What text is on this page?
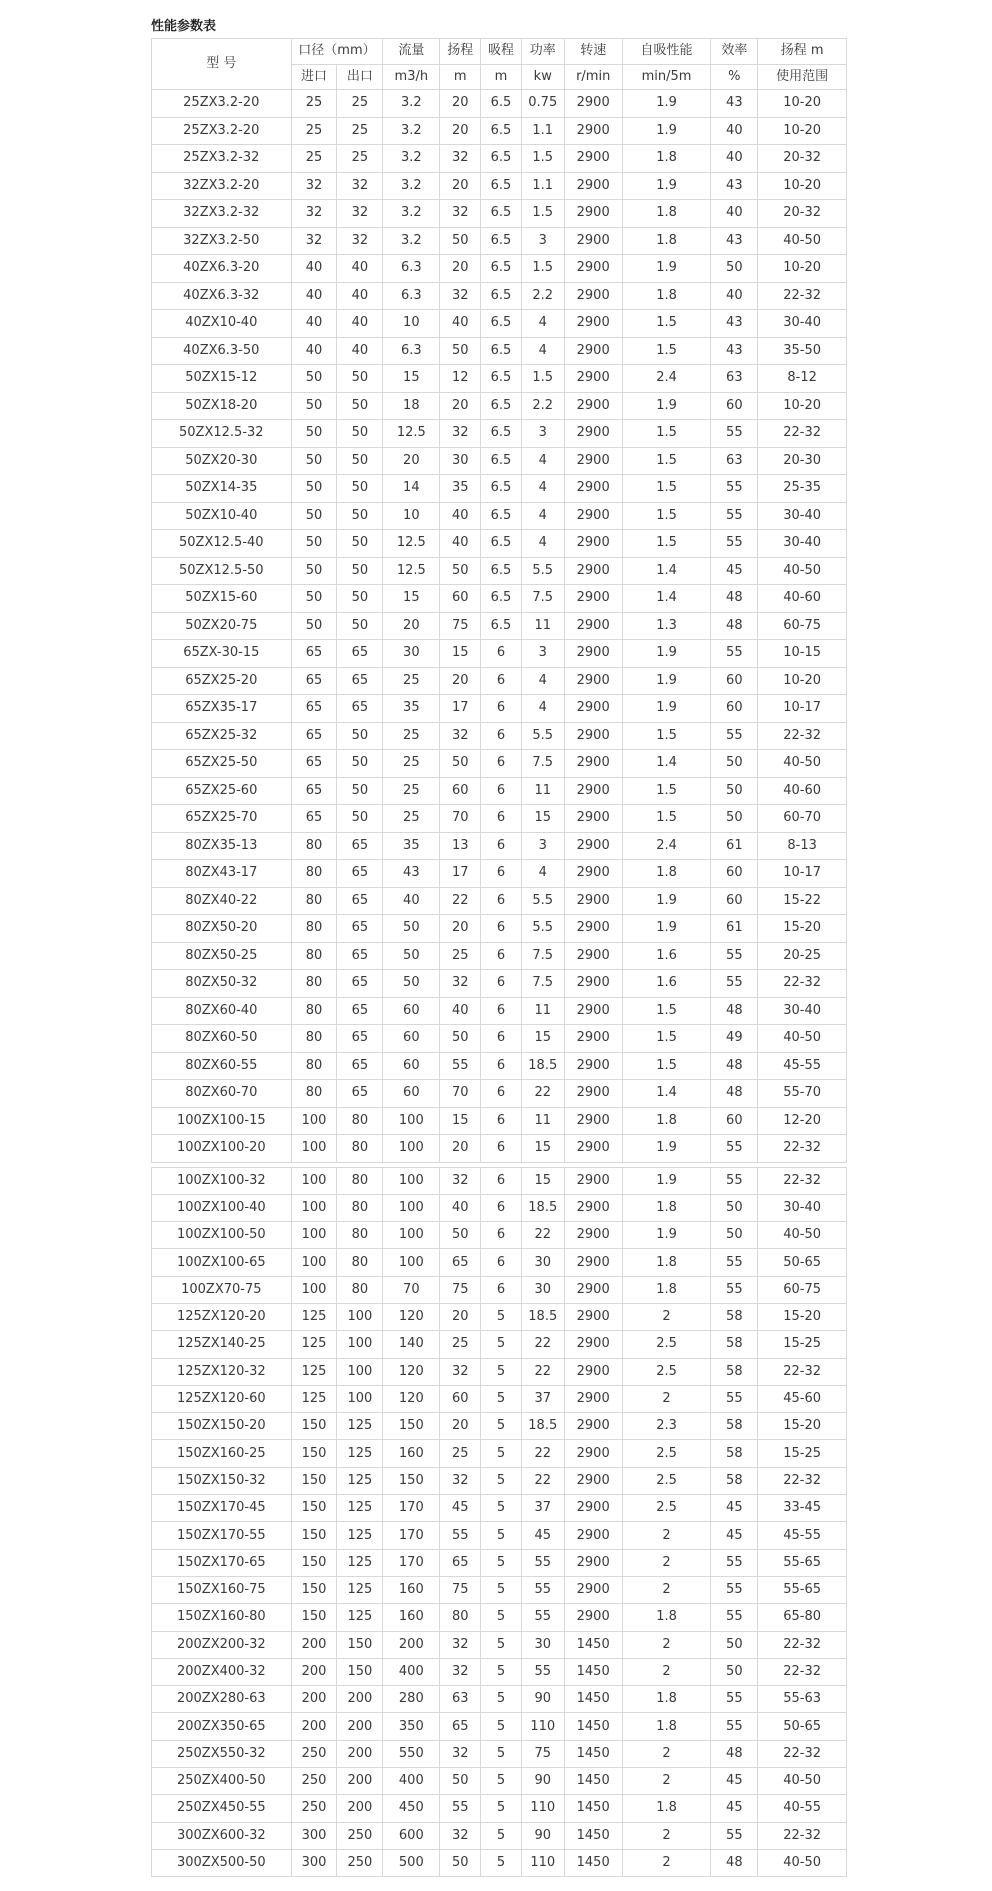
性能参数表
型 号	口径（mm）		流量	扬程	吸程	功率	转速	自吸性能	效率	扬程 m
	进口	出口	m3/h	m	m	kw	r/min	min/5m	%	使用范围
25ZX3.2-20	25	25	3.2	20	6.5	0.75	2900	1.9	43	10-20
25ZX3.2-20	25	25	3.2	20	6.5	1.1	2900	1.9	40	10-20
25ZX3.2-32	25	25	3.2	32	6.5	1.5	2900	1.8	40	20-32
32ZX3.2-20	32	32	3.2	20	6.5	1.1	2900	1.9	43	10-20
32ZX3.2-32	32	32	3.2	32	6.5	1.5	2900	1.8	40	20-32
32ZX3.2-50	32	32	3.2	50	6.5	3	2900	1.8	43	40-50
40ZX6.3-20	40	40	6.3	20	6.5	1.5	2900	1.9	50	10-20
40ZX6.3-32	40	40	6.3	32	6.5	2.2	2900	1.8	40	22-32
40ZX10-40	40	40	10	40	6.5	4	2900	1.5	43	30-40
40ZX6.3-50	40	40	6.3	50	6.5	4	2900	1.5	43	35-50
50ZX15-12	50	50	15	12	6.5	1.5	2900	2.4	63	8-12
50ZX18-20	50	50	18	20	6.5	2.2	2900	1.9	60	10-20
50ZX12.5-32	50	50	12.5	32	6.5	3	2900	1.5	55	22-32
50ZX20-30	50	50	20	30	6.5	4	2900	1.5	63	20-30
50ZX14-35	50	50	14	35	6.5	4	2900	1.5	55	25-35
50ZX10-40	50	50	10	40	6.5	4	2900	1.5	55	30-40
50ZX12.5-40	50	50	12.5	40	6.5	4	2900	1.5	55	30-40
50ZX12.5-50	50	50	12.5	50	6.5	5.5	2900	1.4	45	40-50
50ZX15-60	50	50	15	60	6.5	7.5	2900	1.4	48	40-60
50ZX20-75	50	50	20	75	6.5	11	2900	1.3	48	60-75
65ZX-30-15	65	65	30	15	6	3	2900	1.9	55	10-15
65ZX25-20	65	65	25	20	6	4	2900	1.9	60	10-20
65ZX35-17	65	65	35	17	6	4	2900	1.9	60	10-17
65ZX25-32	65	50	25	32	6	5.5	2900	1.5	55	22-32
65ZX25-50	65	50	25	50	6	7.5	2900	1.4	50	40-50
65ZX25-60	65	50	25	60	6	11	2900	1.5	50	40-60
65ZX25-70	65	50	25	70	6	15	2900	1.5	50	60-70
80ZX35-13	80	65	35	13	6	3	2900	2.4	61	8-13
80ZX43-17	80	65	43	17	6	4	2900	1.8	60	10-17
80ZX40-22	80	65	40	22	6	5.5	2900	1.9	60	15-22
80ZX50-20	80	65	50	20	6	5.5	2900	1.9	61	15-20
80ZX50-25	80	65	50	25	6	7.5	2900	1.6	55	20-25
80ZX50-32	80	65	50	32	6	7.5	2900	1.6	55	22-32
80ZX60-40	80	65	60	40	6	11	2900	1.5	48	30-40
80ZX60-50	80	65	60	50	6	15	2900	1.5	49	40-50
80ZX60-55	80	65	60	55	6	18.5	2900	1.5	48	45-55
80ZX60-70	80	65	60	70	6	22	2900	1.4	48	55-70
100ZX100-15	100	80	100	15	6	11	2900	1.8	60	12-20
100ZX100-20	100	80	100	20	6	15	2900	1.9	55	22-32
100ZX100-32	100	80	100	32	6	15	2900	1.9	55	22-32
100ZX100-40	100	80	100	40	6	18.5	2900	1.8	50	30-40
100ZX100-50	100	80	100	50	6	22	2900	1.9	50	40-50
100ZX100-65	100	80	100	65	6	30	2900	1.8	55	50-65
100ZX70-75	100	80	70	75	6	30	2900	1.8	55	60-75
125ZX120-20	125	100	120	20	5	18.5	2900	2	58	15-20
125ZX140-25	125	100	140	25	5	22	2900	2.5	58	15-25
125ZX120-32	125	100	120	32	5	22	2900	2.5	58	22-32
125ZX120-60	125	100	120	60	5	37	2900	2	55	45-60
150ZX150-20	150	125	150	20	5	18.5	2900	2.3	58	15-20
150ZX160-25	150	125	160	25	5	22	2900	2.5	58	15-25
150ZX150-32	150	125	150	32	5	22	2900	2.5	58	22-32
150ZX170-45	150	125	170	45	5	37	2900	2.5	45	33-45
150ZX170-55	150	125	170	55	5	45	2900	2	45	45-55
150ZX170-65	150	125	170	65	5	55	2900	2	55	55-65
150ZX160-75	150	125	160	75	5	55	2900	2	55	55-65
150ZX160-80	150	125	160	80	5	55	2900	1.8	55	65-80
200ZX200-32	200	150	200	32	5	30	1450	2	50	22-32
200ZX400-32	200	150	400	32	5	55	1450	2	50	22-32
200ZX280-63	200	200	280	63	5	90	1450	1.8	55	55-63
200ZX350-65	200	200	350	65	5	110	1450	1.8	55	50-65
250ZX550-32	250	200	550	32	5	75	1450	2	48	22-32
250ZX400-50	250	200	400	50	5	90	1450	2	45	40-50
250ZX450-55	250	200	450	55	5	110	1450	1.8	45	40-55
300ZX600-32	300	250	600	32	5	90	1450	2	55	22-32
300ZX500-50	300	250	500	50	5	110	1450	2	48	40-50
